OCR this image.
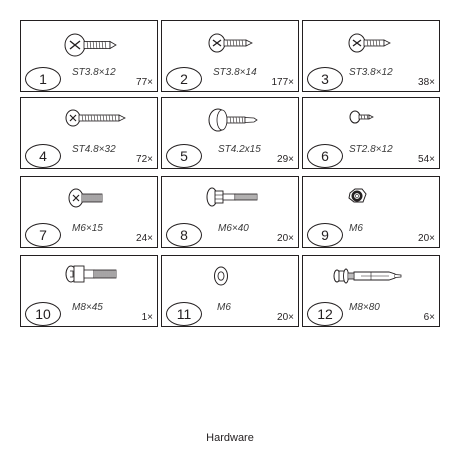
ST3.8×12
1	77×
ST3.8×14
2	177×
ST3.8×12
3	38×
ST4.8×32
4	72×
ST4.2x15
5	29×
ST2.8×12
6	54×
M6×15
7	24×
M6×40
8	20×
M6
9	20×
M8×45
10	1×
M6
11	20×
M8×80
12	6×
Hardware
